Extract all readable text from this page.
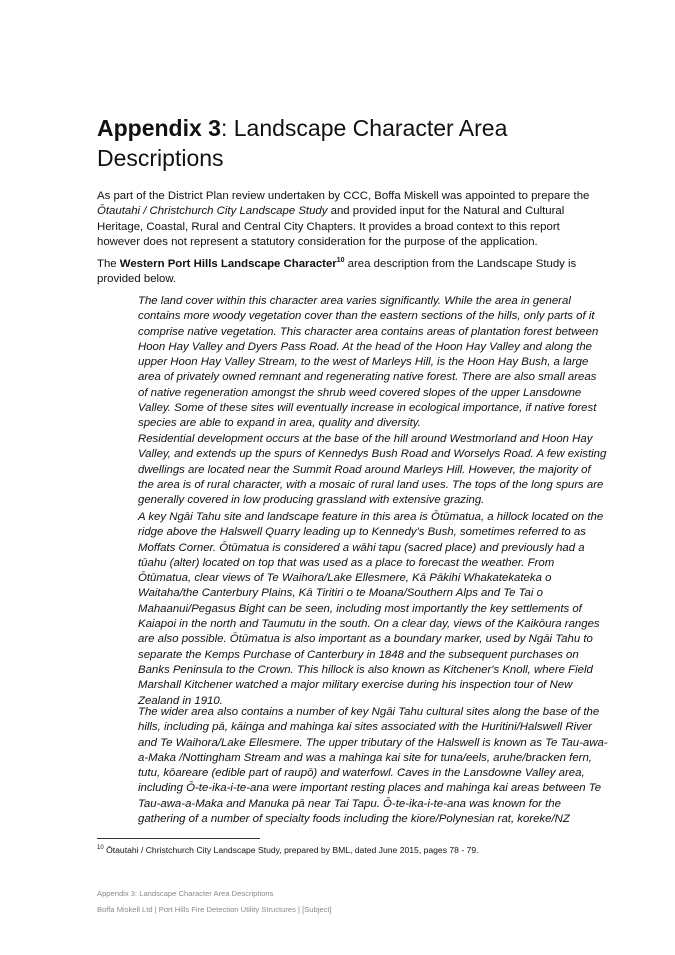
Appendix 3: Landscape Character Area Descriptions

As part of the District Plan review undertaken by CCC, Boffa Miskell was appointed to prepare the Ōtautahi / Christchurch City Landscape Study and provided input for the Natural and Cultural Heritage, Coastal, Rural and Central City Chapters. It provides a broad context to this report however does not represent a statutory consideration for the purpose of the application.

The Western Port Hills Landscape Character$^{10}$ area description from the Landscape Study is provided below.

The land cover within this character area varies significantly. While the area in general contains more woody vegetation cover than the eastern sections of the hills, only parts of it comprise native vegetation. This character area contains areas of plantation forest between Hoon Hay Valley and Dyers Pass Road. At the head of the Hoon Hay Valley and along the upper Hoon Hay Valley Stream, to the west of Marleys Hill, is the Hoon Hay Bush, a large area of privately owned remnant and regenerating native forest. There are also small areas of native regeneration amongst the shrub weed covered slopes of the upper Lansdowne Valley. Some of these sites will eventually increase in ecological importance, if native forest species are able to expand in area, quality and diversity.

Residential development occurs at the base of the hill around Westmorland and Hoon Hay Valley, and extends up the spurs of Kennedys Bush Road and Worselys Road. A few existing dwellings are located near the Summit Road around Marleys Hill. However, the majority of the area is of rural character, with a mosaic of rural land uses. The tops of the long spurs are generally covered in low producing grassland with extensive grazing.

A key Ngāi Tahu site and landscape feature in this area is Ōtūmatua, a hillock located on the ridge above the Halswell Quarry leading up to Kennedy's Bush, sometimes referred to as Moffats Corner. Ōtūmatua is considered a wāhi tapu (sacred place) and previously had a tūahu (alter) located on top that was used as a place to forecast the weather. From Ōtūmatua, clear views of Te Waihora/Lake Ellesmere, Kā Pākihi Whakatekateka o Waitaha/the Canterbury Plains, Kā Tiritiri o te Moana/Southern Alps and Te Tai o Mahaanui/Pegasus Bight can be seen, including most importantly the key settlements of Kaiapoi in the north and Taumutu in the south. On a clear day, views of the Kaikōura ranges are also possible. Ōtūmatua is also important as a boundary marker, used by Ngāi Tahu to separate the Kemps Purchase of Canterbury in 1848 and the subsequent purchases on Banks Peninsula to the Crown. This hillock is also known as Kitchener's Knoll, where Field Marshall Kitchener watched a major military exercise during his inspection tour of New Zealand in 1910.

The wider area also contains a number of key Ngāi Tahu cultural sites along the base of the hills, including pā, kāinga and mahinga kai sites associated with the Huritini/Halswell River and Te Waihora/Lake Ellesmere. The upper tributary of the Halswell is known as Te Tau-awa-a-Maka /Nottingham Stream and was a mahinga kai site for tuna/eels, aruhe/bracken fern, tutu, kōareare (edible part of raupō) and waterfowl. Caves in the Lansdowne Valley area, including Ō-te-ika-i-te-ana were important resting places and mahinga kai areas between Te Tau-awa-a-Maka and Manuka pā near Tai Tapu. Ō-te-ika-i-te-ana was known for the gathering of a number of specialty foods including the kiore/Polynesian rat, koreke/NZ

$^{10}$ Ōtautahi / Christchurch City Landscape Study, prepared by BML, dated June 2015, pages 78 - 79.

Appendix 3: Landscape Character Area Descriptions

Boffa Miskell Ltd | Port Hills Fire Detection Utility Structures | [Subject]
